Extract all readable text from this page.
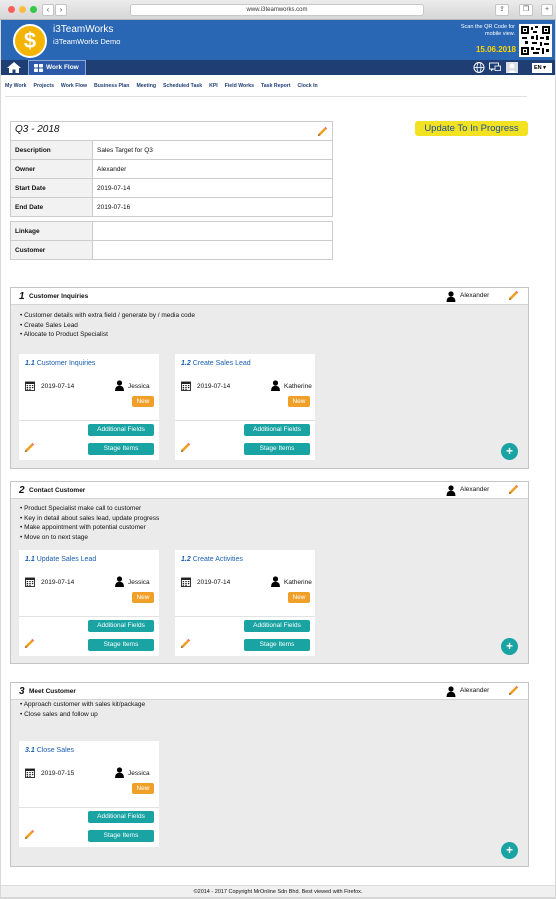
‹	›	www.i3teamworks.com	⇪	❐	+
$	i3TeamWorks
i3TeamWorks Demo
Scan the QR Code for
mobile view.
15.06.2018
Work Flow	EN ▾
My Work Projects Work Flow Business Plan Meeting Scheduled Task KPI Field Works Task Report Clock In
Q3 - 2018	

Description	Sales Target for Q3
Owner	Alexander
Start Date	2019-07-14
End Date	2019-07-16
Update To In Progress
Linkage	
Customer	
1 Customer Inquiries	Alexander
• Customer details with extra field / generate by / media code
• Create Sales Lead
• Allocate to Product Specialist
1.1 Customer Inquiries
2019-07-14	Jessica
New
Additional Fields
Stage Items
1.2 Create Sales Lead
2019-07-14	Katherine
New
Additional Fields
Stage Items	+
2 Contact Customer	Alexander
• Product Specialist make call to customer
• Key in detail about sales lead, update progress
• Make appointment with potential customer
• Move on to next stage
1.1 Update Sales Lead
2019-07-14	Jessica
New
Additional Fields
Stage Items
1.2 Create Activities
2019-07-14	Katherine
New
Additional Fields
Stage Items	+
3 Meet Customer	Alexander
• Approach customer with sales kit/package
• Close sales and follow up
3.1 Close Sales
2019-07-15	Jessica
New
Additional Fields
Stage Items
+
©2014 - 2017 Copyright MrOnline Sdn Bhd. Best viewed with Firefox.
